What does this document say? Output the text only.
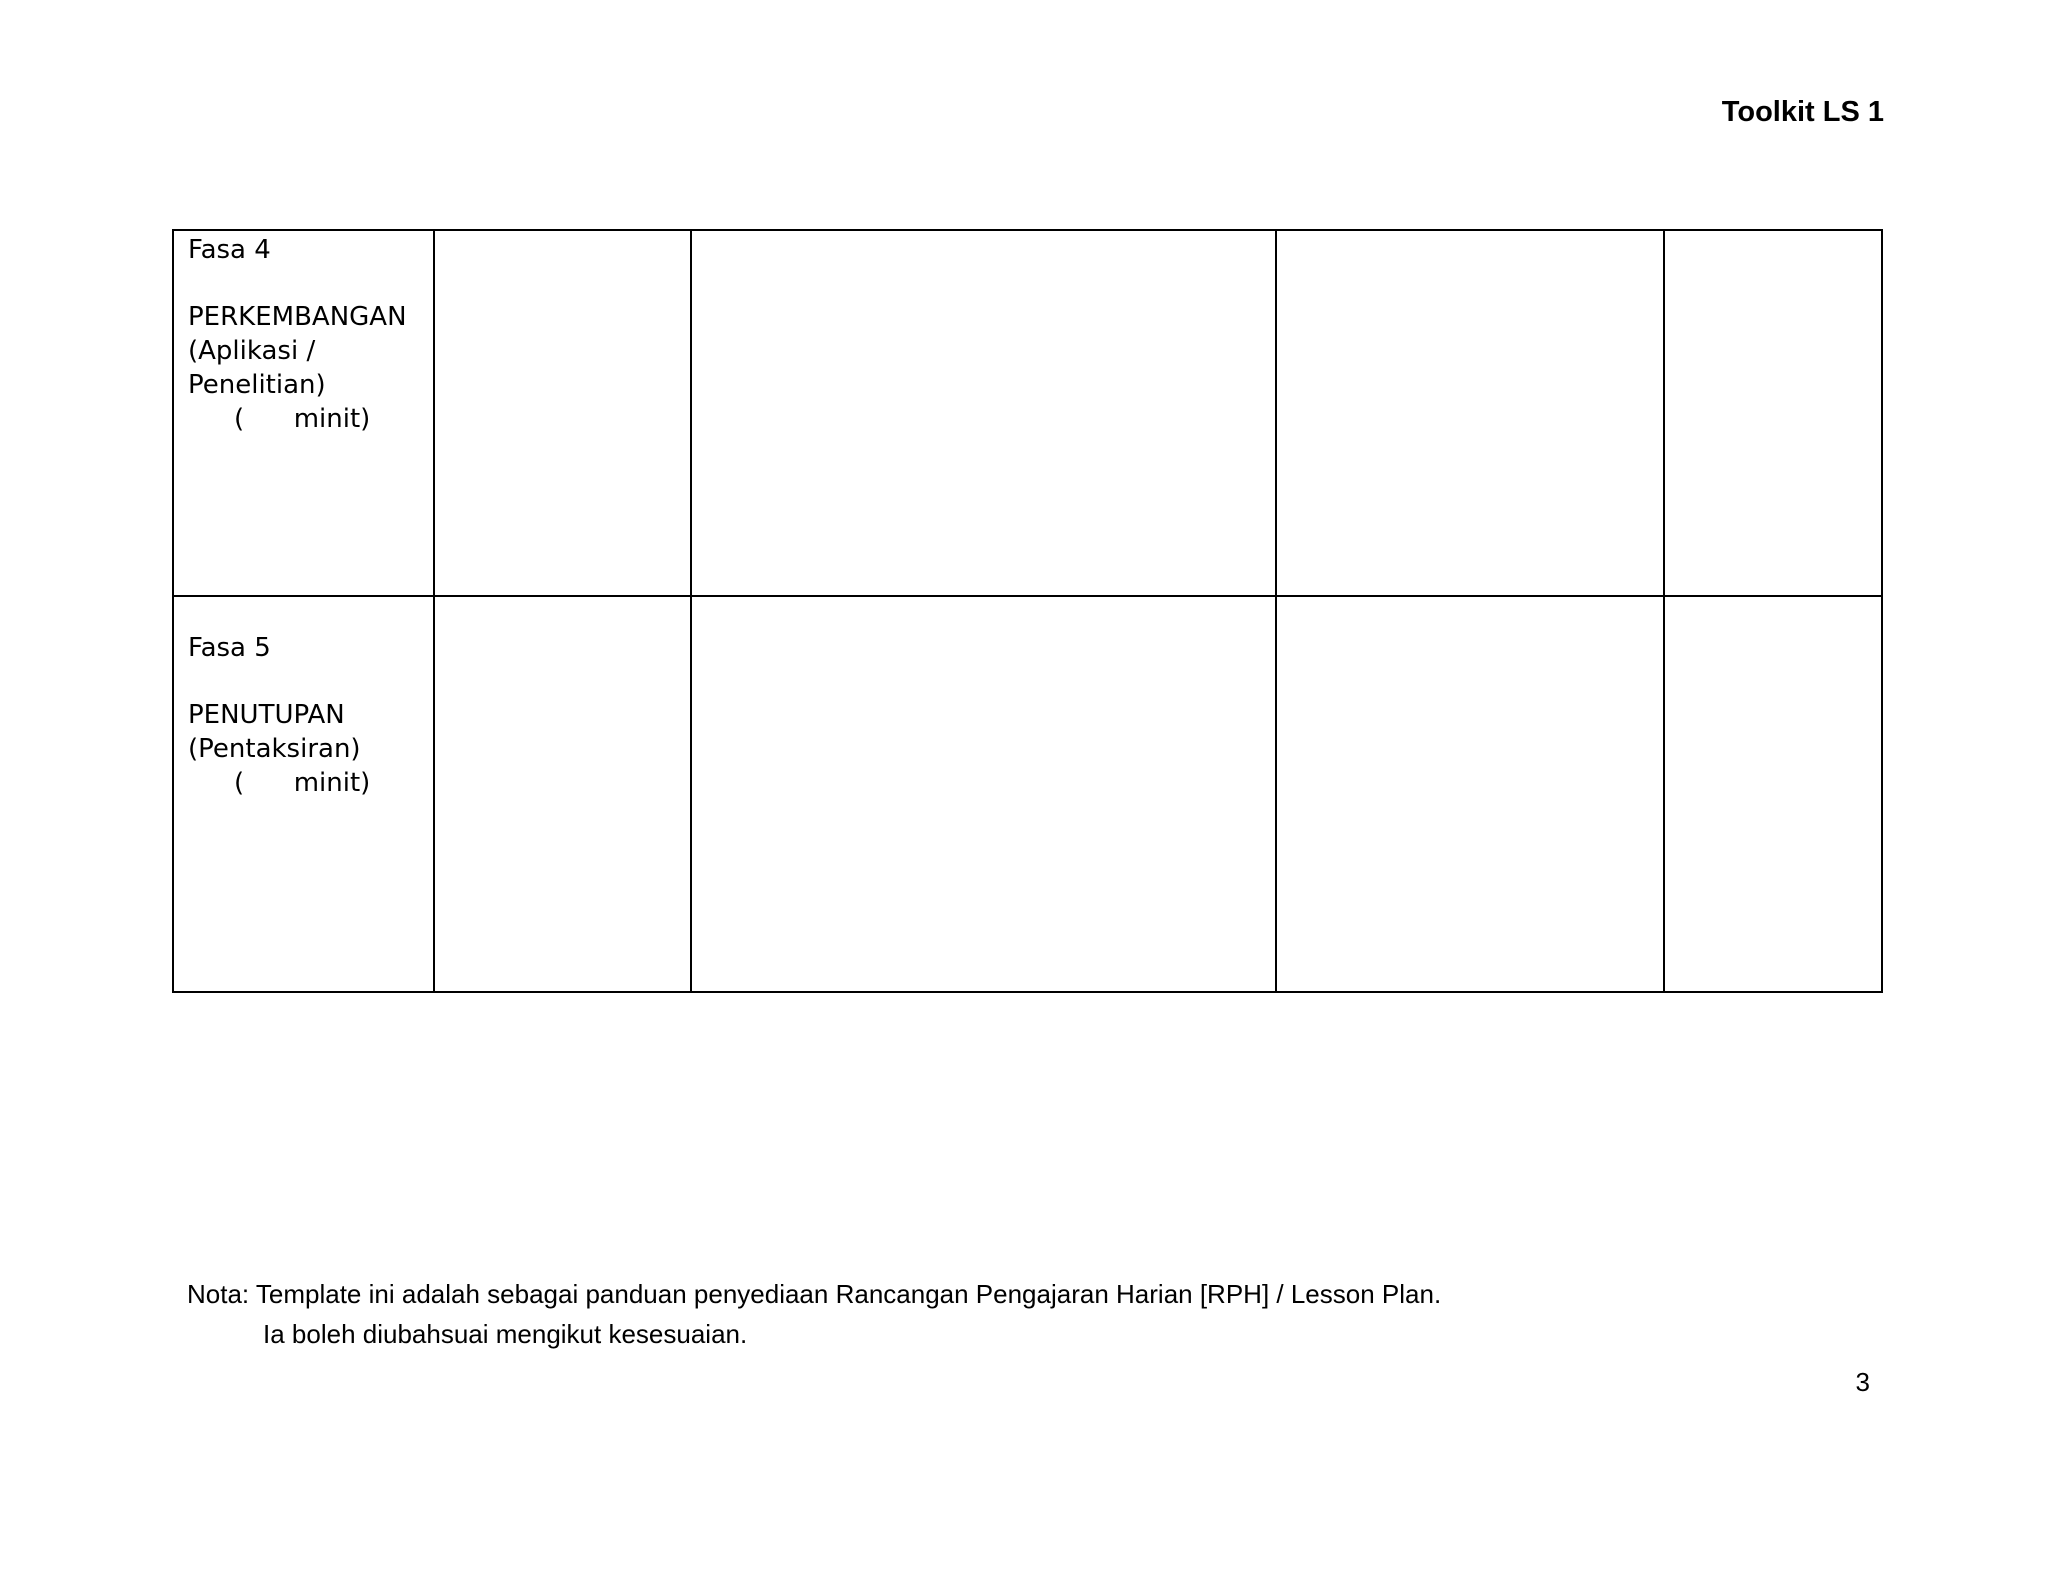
Toolkit LS 1
Fasa 4
PERKEMBANGAN
(Aplikasi /
Penelitian)
(      minit)				

Fasa 5
PENUTUPAN
(Pentaksiran)
(      minit)				

Nota: Template ini adalah sebagai panduan penyediaan Rancangan Pengajaran Harian [RPH] / Lesson Plan.
Ia boleh diubahsuai mengikut kesesuaian.
3
